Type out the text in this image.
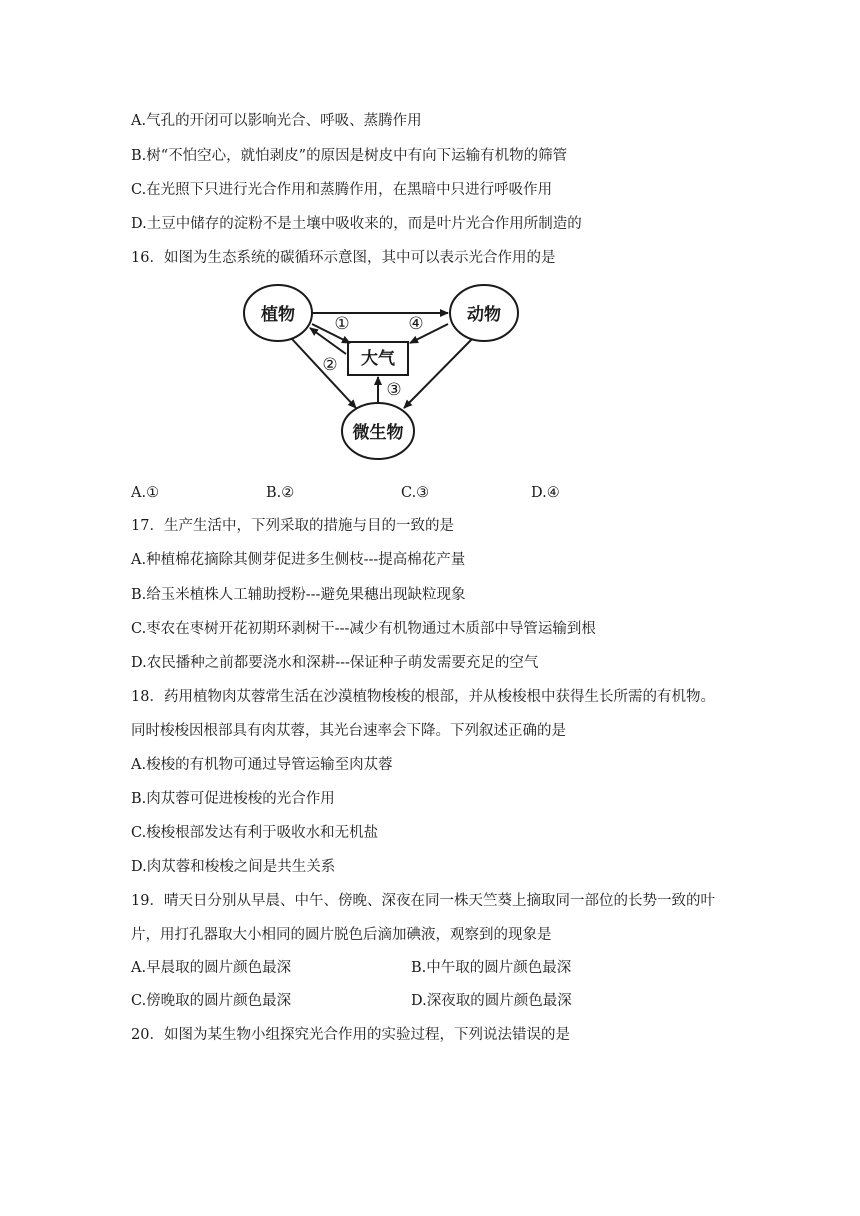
A.气孔的开闭可以影响光合、呼吸、蒸腾作用
B.树“不怕空心，就怕剥皮”的原因是树皮中有向下运输有机物的筛管
C.在光照下只进行光合作用和蒸腾作用，在黑暗中只进行呼吸作用
D.土豆中储存的淀粉不是土壤中吸收来的，而是叶片光合作用所制造的
16．如图为生态系统的碳循环示意图，其中可以表示光合作用的是
植物	动物
大气
微生物
①
②
③
④
A.①	B.②	C.③	D.④
17．生产生活中，下列采取的措施与目的一致的是
A.种植棉花摘除其侧芽促进多生侧枝---提高棉花产量
B.给玉米植株人工辅助授粉---避免果穗出现缺粒现象
C.枣农在枣树开花初期环剥树干---减少有机物通过木质部中导管运输到根
D.农民播种之前都要浇水和深耕---保证种子萌发需要充足的空气
18．药用植物肉苁蓉常生活在沙漠植物梭梭的根部，并从梭梭根中获得生长所需的有机物。
同时梭梭因根部具有肉苁蓉，其光台速率会下降。下列叙述正确的是
A.梭梭的有机物可通过导管运输至肉苁蓉
B.肉苁蓉可促进梭梭的光合作用
C.梭梭根部发达有利于吸收水和无机盐
D.肉苁蓉和梭梭之间是共生关系
19．晴天日分别从早晨、中午、傍晚、深夜在同一株天竺葵上摘取同一部位的长势一致的叶
片，用打孔器取大小相同的圆片脱色后滴加碘液，观察到的现象是
A.早晨取的圆片颜色最深	B.中午取的圆片颜色最深
C.傍晚取的圆片颜色最深	D.深夜取的圆片颜色最深
20．如图为某生物小组探究光合作用的实验过程，下列说法错误的是
